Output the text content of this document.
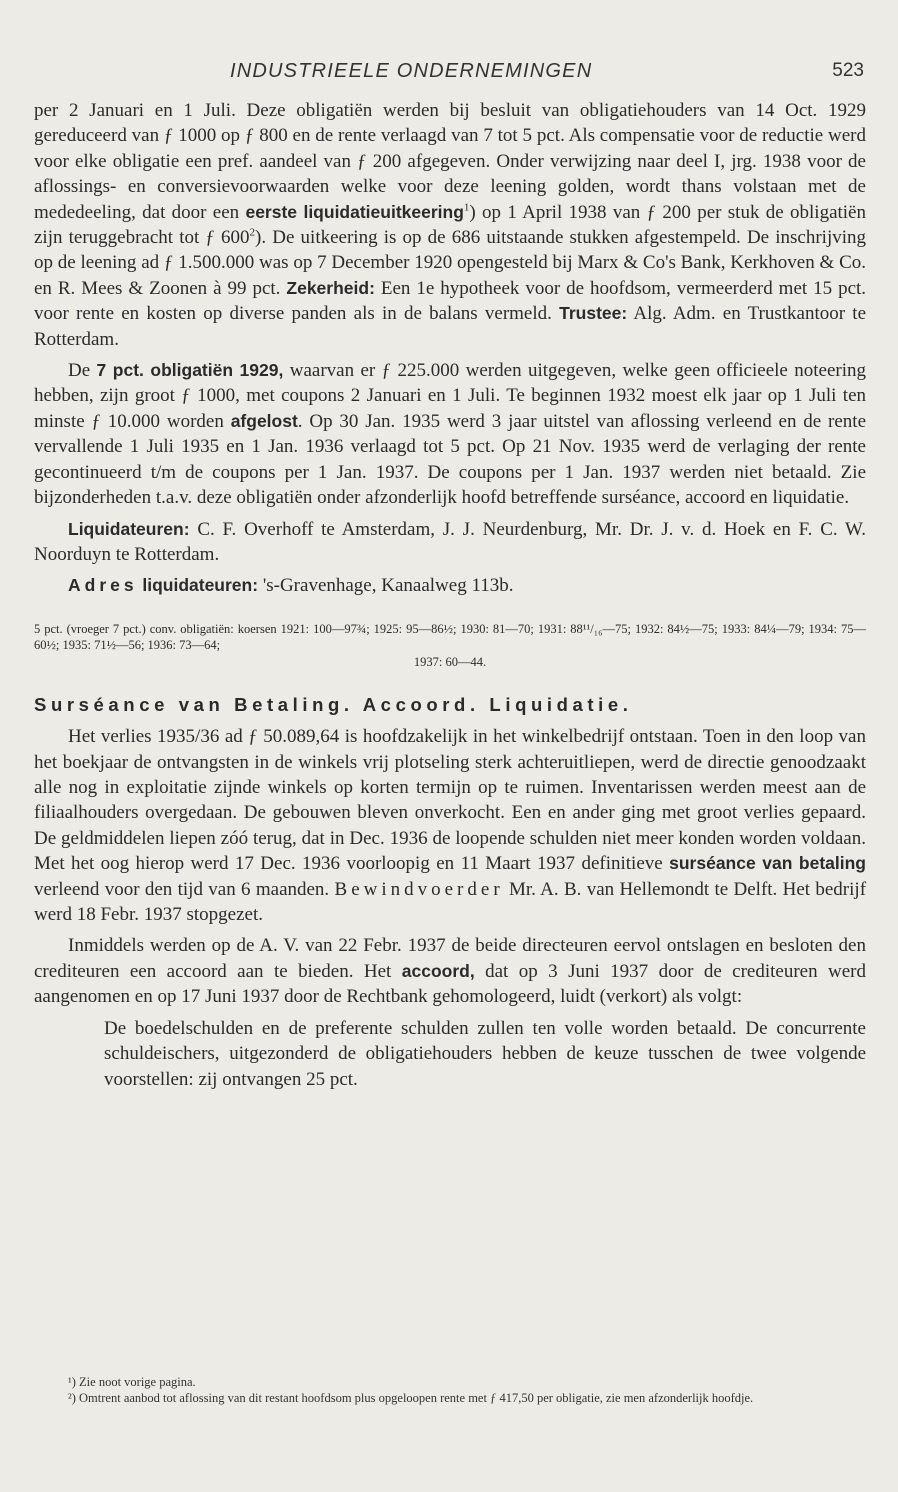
INDUSTRIEELE ONDERNEMINGEN	523

per 2 Januari en 1 Juli. Deze obligatiën werden bij besluit van obligatiehouders van 14 Oct. 1929 gereduceerd van ƒ 1000 op ƒ 800 en de rente verlaagd van 7 tot 5 pct. Als compensatie voor de reductie werd voor elke obligatie een pref. aandeel van ƒ 200 afgegeven. Onder verwijzing naar deel I, jrg. 1938 voor de aflossings- en conversievoorwaarden welke voor deze leening golden, wordt thans volstaan met de mededeeling, dat door een eerste liquidatieuitkeering$^1$) op 1 April 1938 van ƒ 200 per stuk de obligatiën zijn teruggebracht tot ƒ $600^2$). De uitkeering is op de 686 uitstaande stukken afgestempeld. De inschrijving op de leening ad ƒ 1.500.000 was op 7 December 1920 opengesteld bij Marx & Co's Bank, Kerkhoven & Co. en R. Mees & Zoonen à 99 pct. Zekerheid: Een 1e hypotheek voor de hoofdsom, vermeerderd met 15 pct. voor rente en kosten op diverse panden als in de balans vermeld. Trustee: Alg. Adm. en Trustkantoor te Rotterdam.

De 7 pct. obligatiën 1929, waarvan er ƒ 225.000 werden uitgegeven, welke geen officieele noteering hebben, zijn groot ƒ 1000, met coupons 2 Januari en 1 Juli. Te beginnen 1932 moest elk jaar op 1 Juli ten minste ƒ 10.000 worden afgelost. Op 30 Jan. 1935 werd 3 jaar uitstel van aflossing verleend en de rente vervallende 1 Juli 1935 en 1 Jan. 1936 verlaagd tot 5 pct. Op 21 Nov. 1935 werd de verlaging der rente gecontinueerd t/m de coupons per 1 Jan. 1937. De coupons per 1 Jan. 1937 werden niet betaald. Zie bijzonderheden t.a.v. deze obligatiën onder afzonderlijk hoofd betreffende surséance, accoord en liquidatie.

Liquidateuren: C. F. Overhoff te Amsterdam, J. J. Neurdenburg, Mr. Dr. J. v. d. Hoek en F. C. W. Noorduyn te Rotterdam.

Adres liquidateuren: 's-Gravenhage, Kanaalweg 113b.

5 pct. (vroeger 7 pct.) conv. obligatiën: koersen 1921: 100—97¾; 1925: 95—86½; 1930: 81—70; 1931: 88¹¹/₁₆—75; 1932: 84½—75; 1933: 84¼—79; 1934: 75—60½; 1935: 71½—56; 1936: 73—64;
1937: 60—44.

Surséance van Betaling. Accoord. Liquidatie.

Het verlies 1935/36 ad ƒ 50.089,64 is hoofdzakelijk in het winkelbedrijf ontstaan. Toen in den loop van het boekjaar de ontvangsten in de winkels vrij plotseling sterk achteruitliepen, werd de directie genoodzaakt alle nog in exploitatie zijnde winkels op korten termijn op te ruimen. Inventarissen werden meest aan de filiaalhouders overgedaan. De gebouwen bleven onverkocht. Een en ander ging met groot verlies gepaard. De geldmiddelen liepen zóó terug, dat in Dec. 1936 de loopende schulden niet meer konden worden voldaan. Met het oog hierop werd 17 Dec. 1936 voorloopig en 11 Maart 1937 definitieve surséance van betaling verleend voor den tijd van 6 maanden. Bewindvoerder Mr. A. B. van Hellemondt te Delft. Het bedrijf werd 18 Febr. 1937 stopgezet.

Inmiddels werden op de A. V. van 22 Febr. 1937 de beide directeuren eervol ontslagen en besloten den crediteuren een accoord aan te bieden. Het accoord, dat op 3 Juni 1937 door de crediteuren werd aangenomen en op 17 Juni 1937 door de Rechtbank gehomologeerd, luidt (verkort) als volgt:

De boedelschulden en de preferente schulden zullen ten volle worden betaald. De concurrente schuldeischers, uitgezonderd de obligatiehouders hebben de keuze tusschen de twee volgende voorstellen: zij ontvangen 25 pct.

¹) Zie noot vorige pagina.
²) Omtrent aanbod tot aflossing van dit restant hoofdsom plus opgeloopen rente met ƒ 417,50 per obligatie, zie men afzonderlijk hoofdje.
